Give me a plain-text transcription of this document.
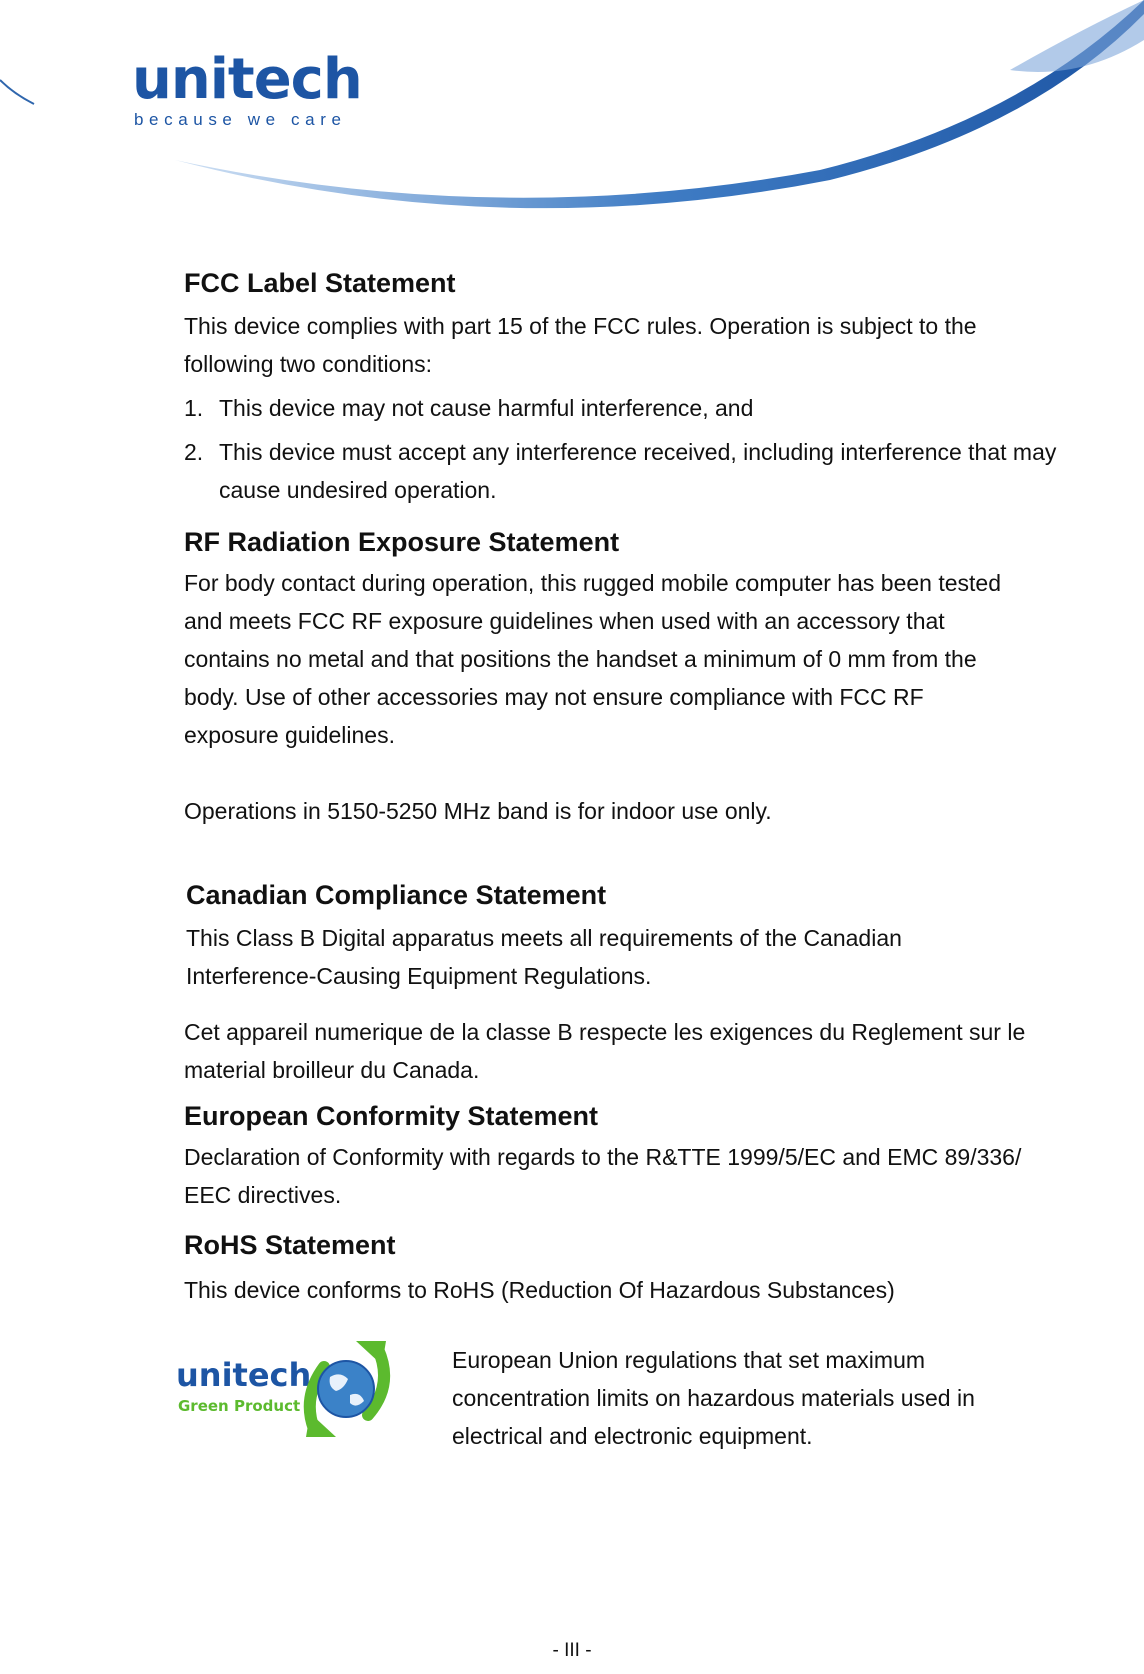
unitech
because we care
FCC Label Statement

This device complies with part 15 of the FCC rules. Operation is subject to the following two conditions:

1. This device may not cause harmful interference, and
2. This device must accept any interference received, including interference that may cause undesired operation.
RF Radiation Exposure Statement

For body contact during operation, this rugged mobile computer has been tested and meets FCC RF exposure guidelines when used with an accessory that contains no metal and that positions the handset a minimum of 0 mm from the body. Use of other accessories may not ensure compliance with FCC RF exposure guidelines.

Operations in 5150-5250 MHz band is for indoor use only.

Canadian Compliance Statement

This Class B Digital apparatus meets all requirements of the Canadian Interference-Causing Equipment Regulations.

Cet appareil numerique de la classe B respecte les exigences du Reglement sur le material broilleur du Canada.

European Conformity Statement

Declaration of Conformity with regards to the R&TTE 1999/5/EC and EMC 89/336/ EEC directives.

RoHS Statement

This device conforms to RoHS (Reduction Of Hazardous Substances)

unitech
Green Product

European Union regulations that set maximum concentration limits on hazardous materials used in electrical and electronic equipment.

- III -
